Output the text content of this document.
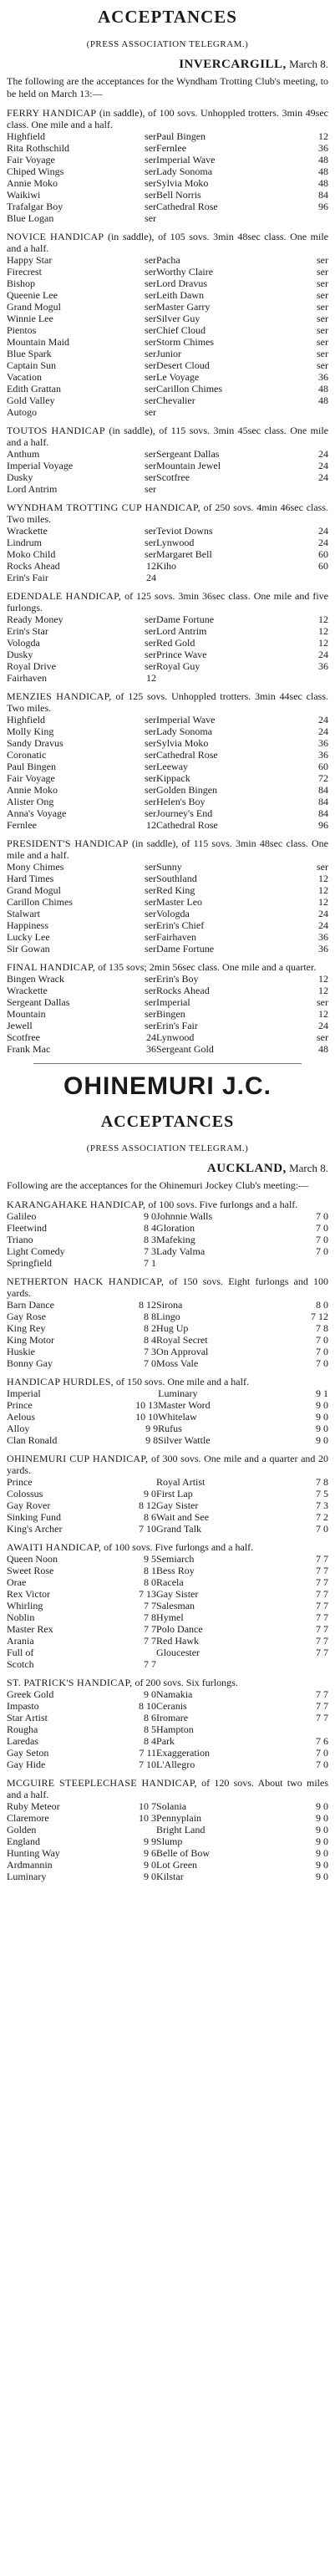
ACCEPTANCES
(PRESS ASSOCIATION TELEGRAM.)
INVERCARGILL, March 8.
The following are the acceptances for the Wyndham Trotting Club's meeting, to be held on March 13:—
FERRY HANDICAP (in saddle), of 100 sovs. Unhoppled trotters. 3min 49sec class. One mile and a half.
Highfield	ser	Paul Bingen	12
Rita Rothschild	ser	Fernlee	36
Fair Voyage	ser	Imperial Wave	48
Chiped Wings	ser	Lady Sonoma	48
Annie Moko	ser	Sylvia Moko	48
Waikiwi	ser	Bell Norris	84
Trafalgar Boy	ser	Cathedral Rose	96
Blue Logan	ser		
NOVICE HANDICAP (in saddle), of 105 sovs. 3min 48sec class. One mile and a half.
Happy Star	ser	Pacha	ser
Firecrest	ser	Worthy Claire	ser
Bishop	ser	Lord Dravus	ser
Queenie Lee	ser	Leith Dawn	ser
Grand Mogul	ser	Master Garry	ser
Winnie Lee	ser	Silver Guy	ser
Pientos	ser	Chief Cloud	ser
Mountain Maid	ser	Storm Chimes	ser
Blue Spark	ser	Junior	ser
Captain Sun	ser	Desert Cloud	ser
Vacation	ser	Le Voyage	36
Edith Grattan	ser	Carillon Chimes	48
Gold Valley	ser	Chevalier	48
Autogo	ser		
TOUTOS HANDICAP (in saddle), of 115 sovs. 3min 45sec class. One mile and a half.
Anthum	ser	Sergeant Dallas	24
Imperial Voyage	ser	Mountain Jewel	24
Dusky	ser	Scotfree	24
Lord Antrim	ser		
WYNDHAM TROTTING CUP HANDICAP, of 250 sovs. 4min 46sec class. Two miles.
Wrackette	ser	Teviot Downs	24
Lindrum	ser	Lynwood	24
Moko Child	ser	Margaret Bell	60
Rocks Ahead	12	Kiho	60
Erin's Fair	24		
EDENDALE HANDICAP, of 125 sovs. 3min 36sec class. One mile and five furlongs.
Ready Money	ser	Dame Fortune	12
Erin's Star	ser	Lord Antrim	12
Vologda	ser	Red Gold	12
Dusky	ser	Prince Wave	24
Royal Drive	ser	Royal Guy	36
Fairhaven	12		
MENZIES HANDICAP, of 125 sovs. Unhoppled trotters. 3min 44sec class. Two miles.
Highfield	ser	Imperial Wave	24
Molly King	ser	Lady Sonoma	24
Sandy Dravus	ser	Sylvia Moko	36
Coronatic	ser	Cathedral Rose	36
Paul Bingen	ser	Leeway	60
Fair Voyage	ser	Kippack	72
Annie Moko	ser	Golden Bingen	84
Alister Ong	ser	Helen's Boy	84
Anna's Voyage	ser	Journey's End	84
Fernlee	12	Cathedral Rose	96
PRESIDENT'S HANDICAP (in saddle), of 115 sovs. 3min 48sec class. One mile and a half.
Mony Chimes	ser	Sunny	ser
Hard Times	ser	Southland	12
Grand Mogul	ser	Red King	12
Carillon Chimes	ser	Master Leo	12
Stalwart	ser	Vologda	24
Happiness	ser	Erin's Chief	24
Lucky Lee	ser	Fairhaven	36
Sir Gowan	ser	Dame Fortune	36
FINAL HANDICAP, of 135 sovs; 2min 56sec class. One mile and a quarter.
Bingen Wrack	ser	Erin's Boy	12
Wrackette	ser	Rocks Ahead	12
Sergeant Dallas	ser	Imperial	ser
Mountain	ser	Bingen	12
Jewell	ser	Erin's Fair	24
Scotfree	24	Lynwood	ser
Frank Mac	36	Sergeant Gold	48
OHINEMURI J.C.
ACCEPTANCES
(PRESS ASSOCIATION TELEGRAM.)
AUCKLAND, March 8.
Following are the acceptances for the Ohinemuri Jockey Club's meeting:—
KARANGAHAKE HANDICAP, of 100 sovs. Five furlongs and a half.
Galileo	9 0	Johnnie Walls	7 0
Fleetwind	8 4	Gloration	7 0
Triano	8 3	Mafeking	7 0
Light Comedy	7 3	Lady Valma	7 0
Springfield	7 1		
NETHERTON HACK HANDICAP, of 150 sovs. Eight furlongs and 100 yards.
Barn Dance	8 12	Sirona	8 0
Gay Rose	8 8	Lingo	7 12
King Rey	8 2	Hug Up	7 8
King Motor	8 4	Royal Secret	7 0
Huskie	7 3	On Approval	7 0
Bonny Gay	7 0	Moss Vale	7 0
HANDICAP HURDLES, of 150 sovs. One mile and a half.
Imperial		Luminary	9 1
Prince	10 13	Master Word	9 0
Aelous	10 10	Whitelaw	9 0
Alloy	9 9	Rufus	9 0
Clan Ronald	9 8	Silver Wattle	9 0
OHINEMURI CUP HANDICAP, of 300 sovs. One mile and a quarter and 20 yards.
Prince		Royal Artist	7 8
Colossus	9 0	First Lap	7 5
Gay Rover	8 12	Gay Sister	7 3
Sinking Fund	8 6	Wait and See	7 2
King's Archer	7 10	Grand Talk	7 0
AWAITI HANDICAP, of 100 sovs. Five furlongs and a half.
Queen Noon	9 5	Semiarch	7 7
Sweet Rose	8 1	Bess Roy	7 7
Orae	8 0	Racela	7 7
Rex Victor	7 13	Gay Sister	7 7
Whirling	7 7	Salesman	7 7
Noblin	7 8	Hymel	7 7
Master Rex	7 7	Polo Dance	7 7
Arania	7 7	Red Hawk	7 7
Full of		Gloucester	7 7
Scotch	7 7		
ST. PATRICK'S HANDICAP, of 200 sovs. Six furlongs.
Greek Gold	9 0	Namakia	7 7
Impasto	8 10	Ceranis	7 7
Star Artist	8 6	Iromare	7 7
Rougha	8 5	Hampton	
Laredas	8 4	Park	7 6
Gay Seton	7 11	Exaggeration	7 0
Gay Hide	7 10	L'Allegro	7 0
MCGUIRE STEEPLECHASE HANDICAP, of 120 sovs. About two miles and a half.
Ruby Meteor	10 7	Solania	9 0
Claremore	10 3	Pennyplain	9 0
Golden		Bright Land	9 0
England	9 9	Slump	9 0
Hunting Way	9 6	Belle of Bow	9 0
Ardmannin	9 0	Lot Green	9 0
Luminary	9 0	Kilstar	9 0
